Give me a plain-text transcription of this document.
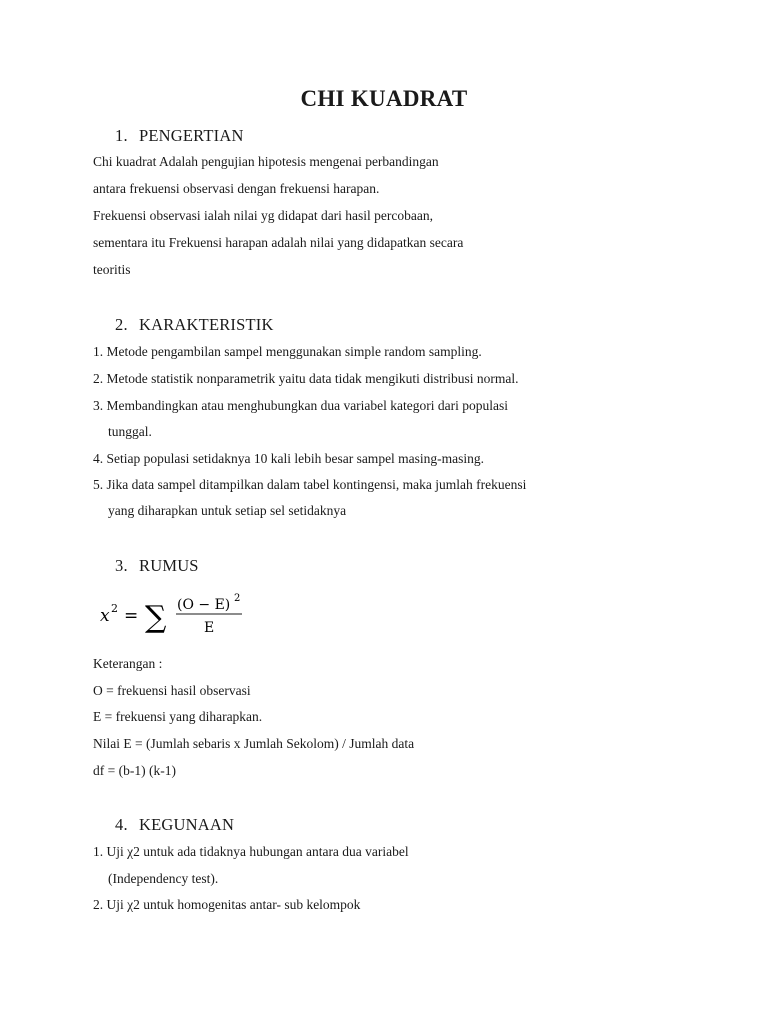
CHI KUADRAT
1. PENGERTIAN
Chi kuadrat Adalah pengujian hipotesis mengenai perbandingan
antara frekuensi observasi dengan frekuensi harapan.
Frekuensi observasi ialah nilai yg didapat dari hasil percobaan,
sementara itu Frekuensi harapan adalah nilai yang didapatkan secara
teoritis
2. KARAKTERISTIK
1. Metode pengambilan sampel menggunakan simple random sampling.
2. Metode statistik nonparametrik yaitu data tidak mengikuti distribusi normal.
3. Membandingkan atau menghubungkan dua variabel kategori dari populasi
tunggal.
4. Setiap populasi setidaknya 10 kali lebih besar sampel masing-masing.
5. Jika data sampel ditampilkan dalam tabel kontingensi, maka jumlah frekuensi
yang diharapkan untuk setiap sel setidaknya
3. RUMUS
x 2 = ∑ (O − E) 2
E
Keterangan :
O = frekuensi hasil observasi
E = frekuensi yang diharapkan.
Nilai E = (Jumlah sebaris x Jumlah Sekolom) / Jumlah data
df = (b-1) (k-1)
4. KEGUNAAN
1. Uji χ2 untuk ada tidaknya hubungan antara dua variabel
(Independency test).
2. Uji χ2 untuk homogenitas antar- sub kelompok
